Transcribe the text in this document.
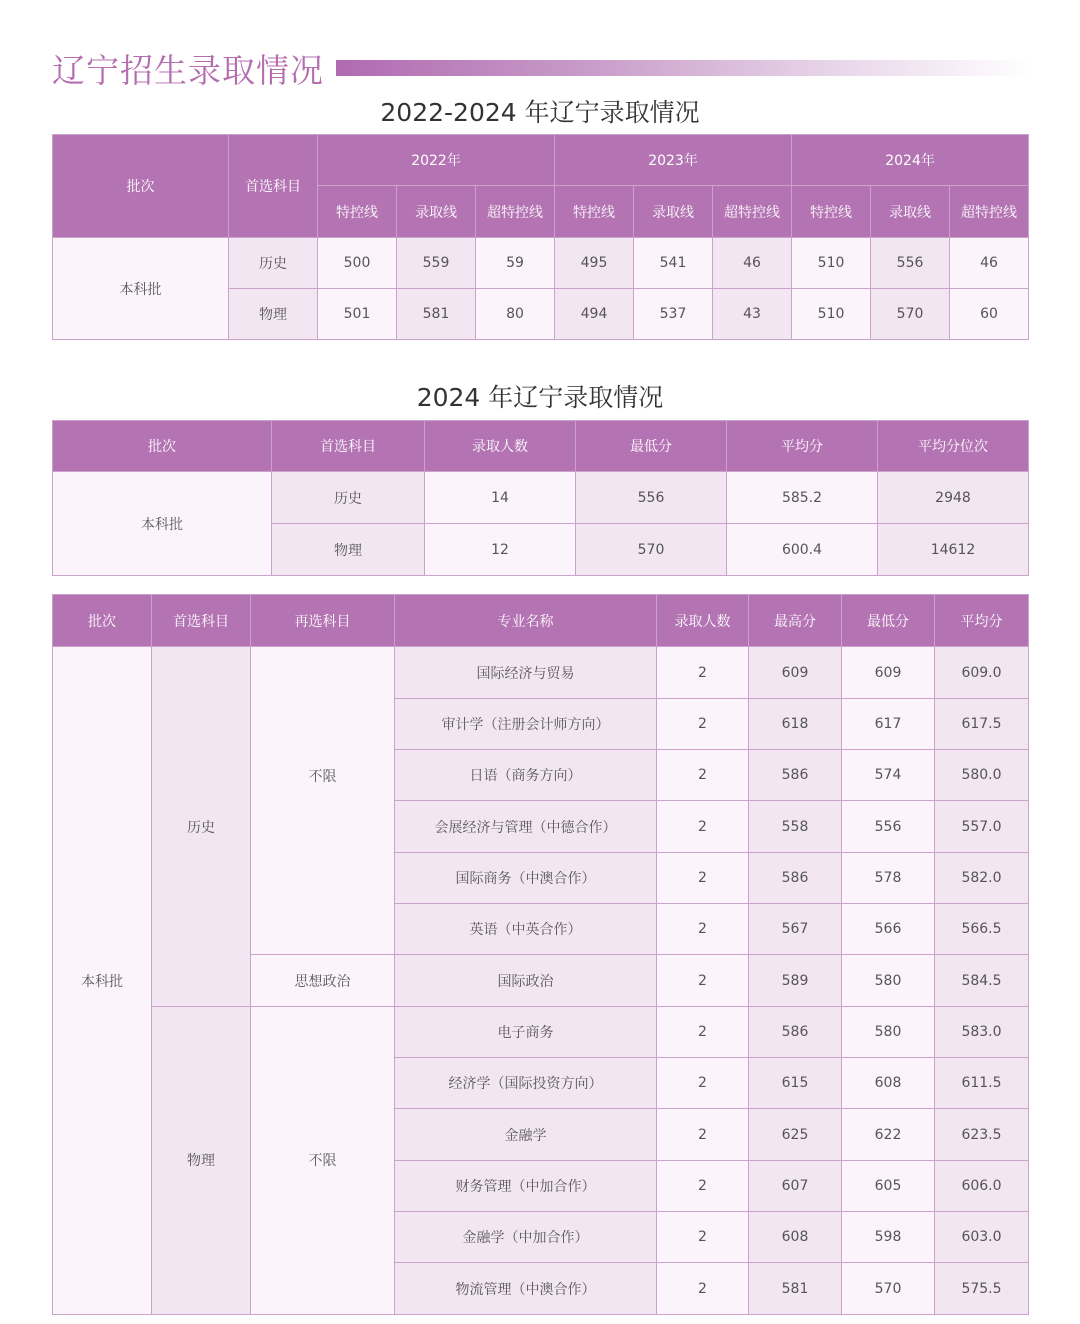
辽宁招生录取情况
2022-2024 年辽宁录取情况
批次	首选科目	2022年			2023年			2024年		
		特控线	录取线	超特控线	特控线	录取线	超特控线	特控线	录取线	超特控线
本科批	历史	500	559	59	495	541	46	510	556	46
	物理	501	581	80	494	537	43	510	570	60
2024 年辽宁录取情况
批次	首选科目	录取人数	最低分	平均分	平均分位次
本科批	历史	14	556	585.2	2948
	物理	12	570	600.4	14612
批次	首选科目	再选科目	专业名称	录取人数	最高分	最低分	平均分
本科批	历史	不限	国际经济与贸易	2	609	609	609.0
			审计学（注册会计师方向）	2	618	617	617.5
			日语（商务方向）	2	586	574	580.0
			会展经济与管理（中德合作）	2	558	556	557.0
			国际商务（中澳合作）	2	586	578	582.0
			英语（中英合作）	2	567	566	566.5
		思想政治	国际政治	2	589	580	584.5
	物理	不限	电子商务	2	586	580	583.0
			经济学（国际投资方向）	2	615	608	611.5
			金融学	2	625	622	623.5
			财务管理（中加合作）	2	607	605	606.0
			金融学（中加合作）	2	608	598	603.0
			物流管理（中澳合作）	2	581	570	575.5
